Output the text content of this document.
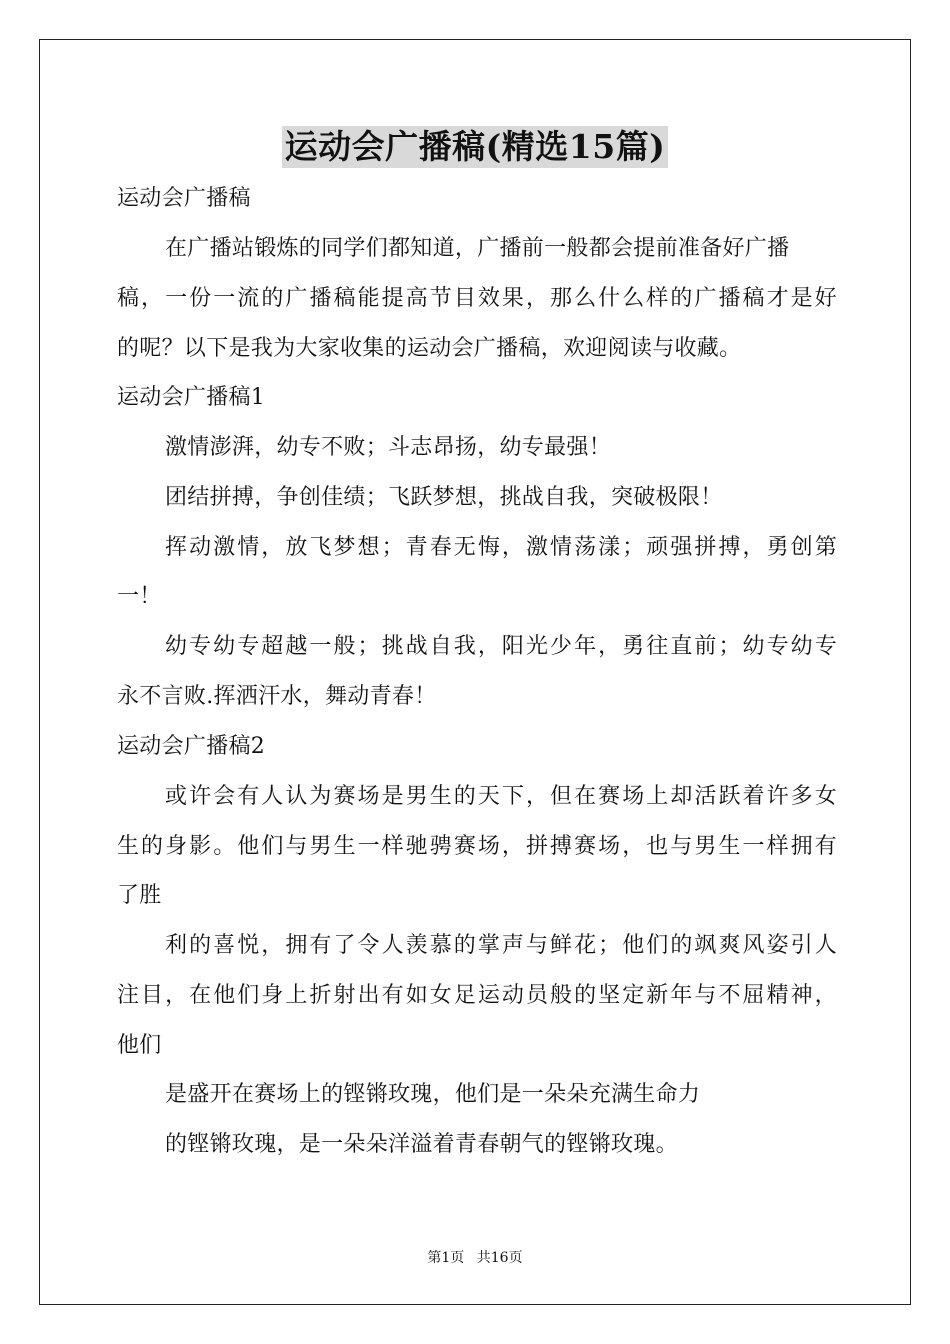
运动会广播稿(精选15篇)
运动会广播稿
在广播站锻炼的同学们都知道，广播前一般都会提前准备好广播
稿，一份一流的广播稿能提高节目效果，那么什么样的广播稿才是好
的呢？以下是我为大家收集的运动会广播稿，欢迎阅读与收藏。
运动会广播稿1
激情澎湃，幼专不败；斗志昂扬，幼专最强！
团结拼搏，争创佳绩；飞跃梦想，挑战自我，突破极限！
挥动激情，放飞梦想；青春无悔，激情荡漾；顽强拼搏，勇创第
一！
幼专幼专超越一般；挑战自我，阳光少年，勇往直前；幼专幼专
永不言败.挥洒汗水，舞动青春！
运动会广播稿2
或许会有人认为赛场是男生的天下，但在赛场上却活跃着许多女
生的身影。他们与男生一样驰骋赛场，拼搏赛场，也与男生一样拥有
了胜
利的喜悦，拥有了令人羡慕的掌声与鲜花；他们的飒爽风姿引人
注目，在他们身上折射出有如女足运动员般的坚定新年与不屈精神，
他们
是盛开在赛场上的铿锵玫瑰，他们是一朵朵充满生命力
的铿锵玫瑰，是一朵朵洋溢着青春朝气的铿锵玫瑰。
第1页 共16页
